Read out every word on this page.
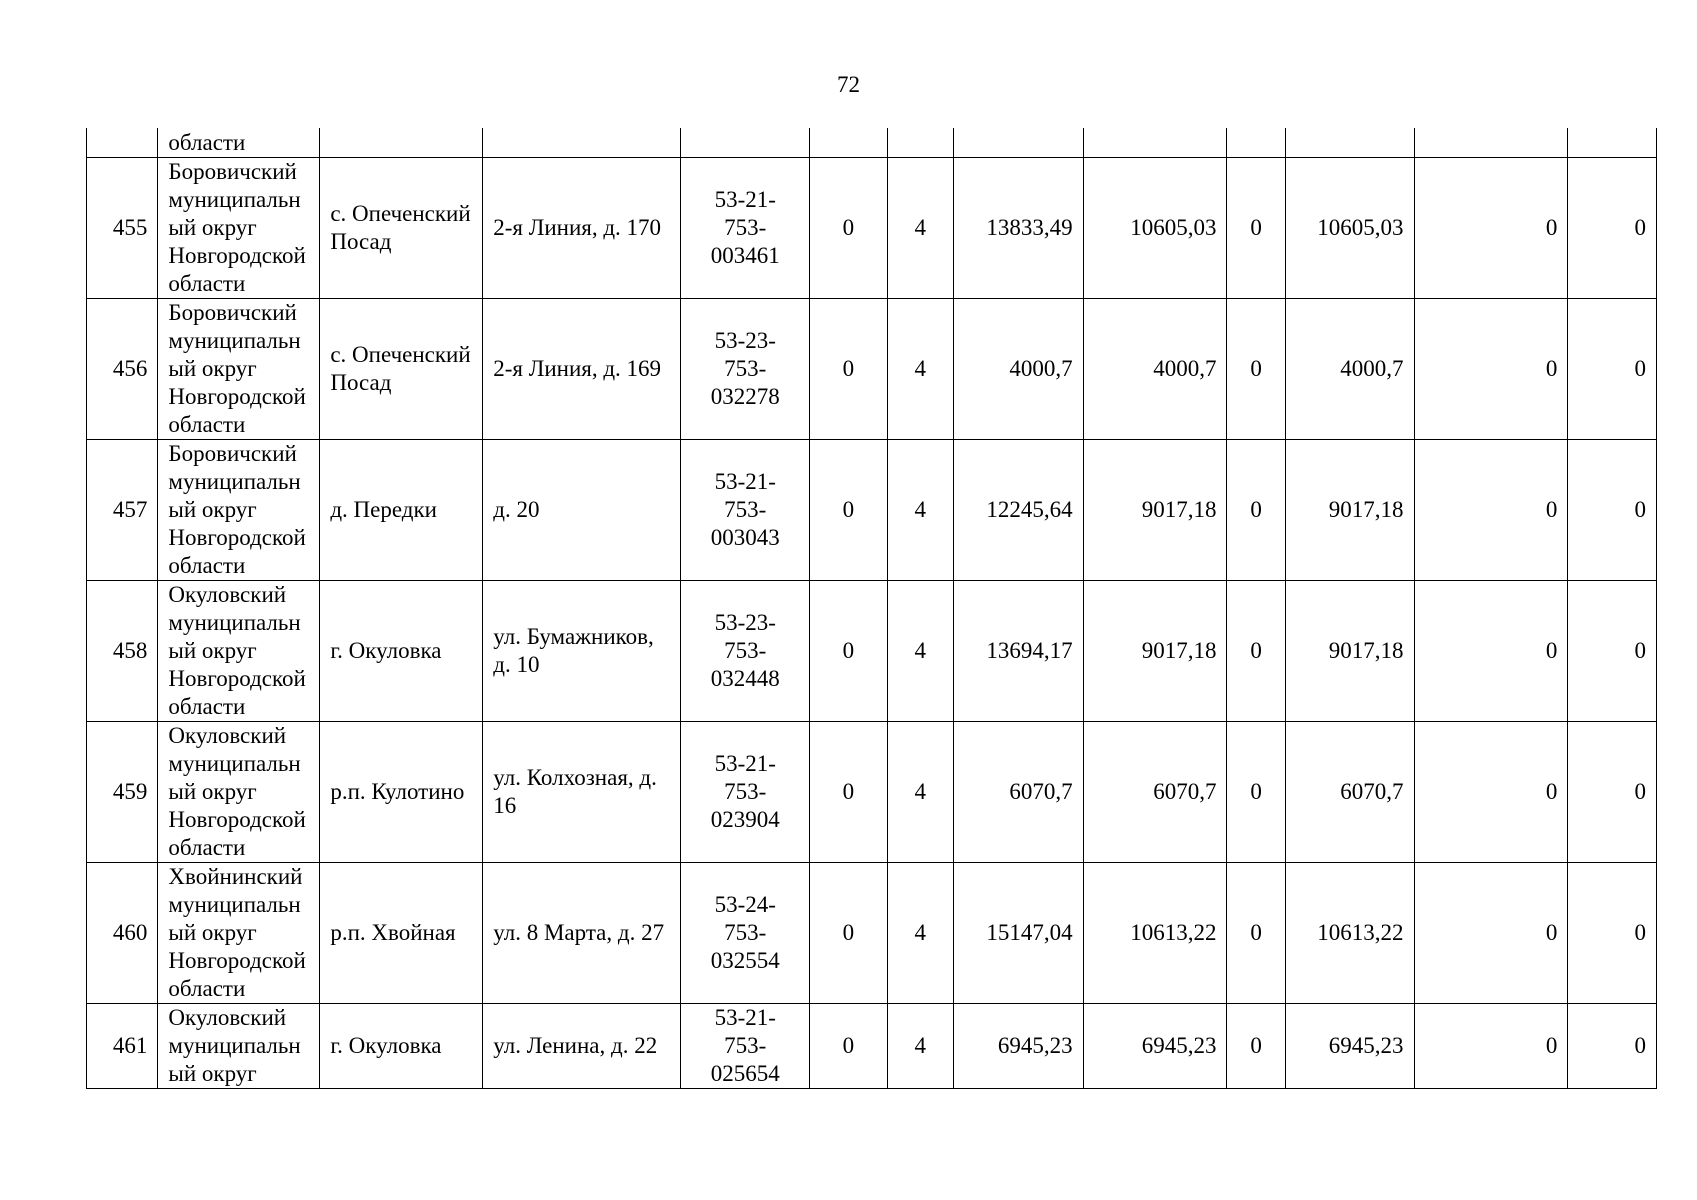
72
	области											
455	Боровичский муниципальн ый округ Новгородской области	с. Опеченский Посад	2-я Линия, д. 170	53-21- 753- 003461	0	4	13833,49	10605,03	0	10605,03	0	0
456	Боровичский муниципальн ый округ Новгородской области	с. Опеченский Посад	2-я Линия, д. 169	53-23- 753- 032278	0	4	4000,7	4000,7	0	4000,7	0	0
457	Боровичский муниципальн ый округ Новгородской области	д. Передки	д. 20	53-21- 753- 003043	0	4	12245,64	9017,18	0	9017,18	0	0
458	Окуловский муниципальн ый округ Новгородской области	г. Окуловка	ул. Бумажников, д. 10	53-23- 753- 032448	0	4	13694,17	9017,18	0	9017,18	0	0
459	Окуловский муниципальн ый округ Новгородской области	р.п. Кулотино	ул. Колхозная, д. 16	53-21- 753- 023904	0	4	6070,7	6070,7	0	6070,7	0	0
460	Хвойнинский муниципальн ый округ Новгородской области	р.п. Хвойная	ул. 8 Марта, д. 27	53-24- 753- 032554	0	4	15147,04	10613,22	0	10613,22	0	0
461	Окуловский муниципальн ый округ	г. Окуловка	ул. Ленина, д. 22	53-21- 753- 025654	0	4	6945,23	6945,23	0	6945,23	0	0
